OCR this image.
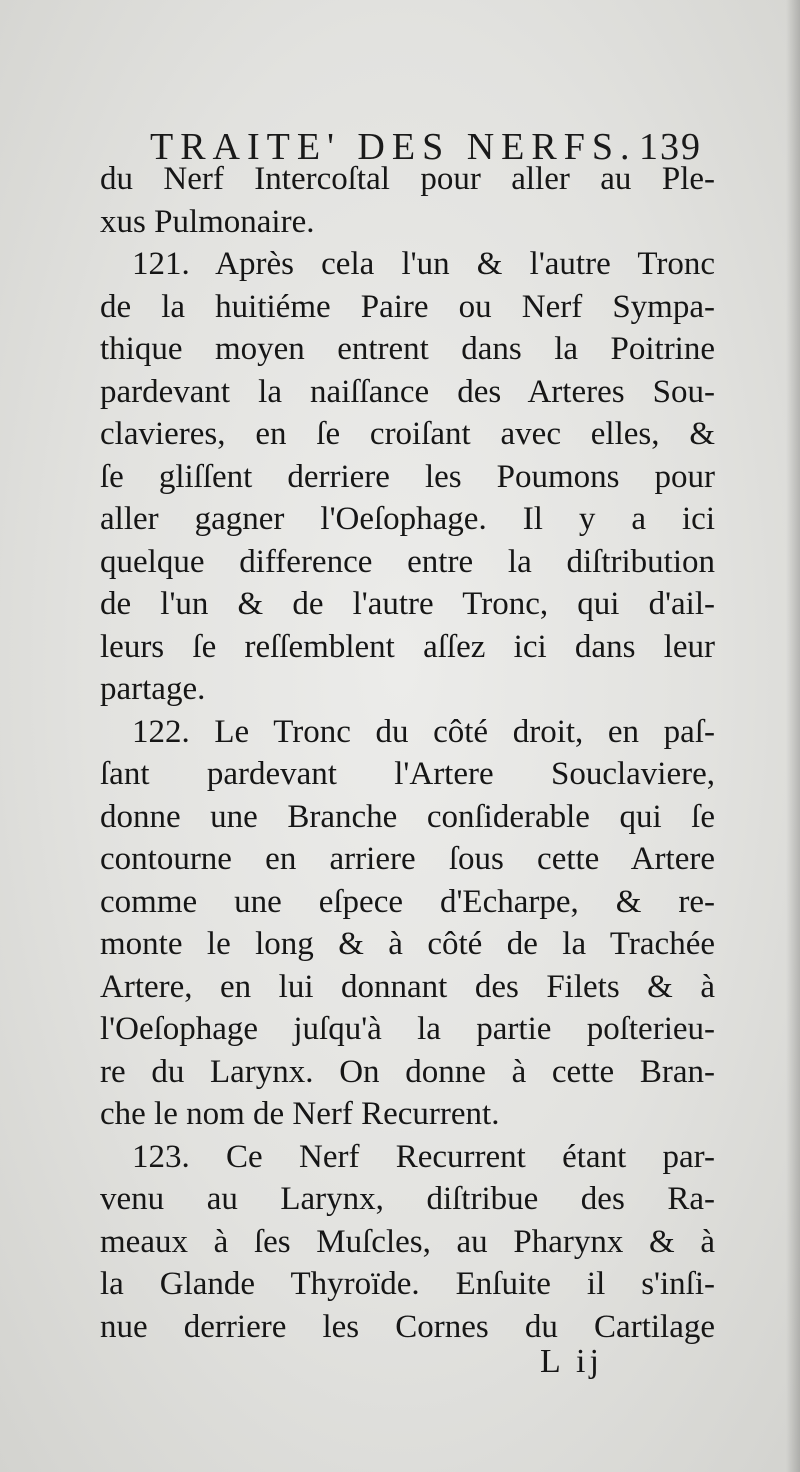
TRAITE' DES NERFS. 139
du Nerf Intercoſtal pour aller au Ple-
xus Pulmonaire.
121. Après cela l'un & l'autre Tronc
de la huitiéme Paire ou Nerf Sympa-
thique moyen entrent dans la Poitrine
pardevant la naiſſance des Arteres Sou-
clavieres, en ſe croiſant avec elles, &
ſe gliſſent derriere les Poumons pour
aller gagner l'Oeſophage. Il y a ici
quelque difference entre la diſtribution
de l'un & de l'autre Tronc, qui d'ail-
leurs ſe reſſemblent aſſez ici dans leur
partage.
122. Le Tronc du côté droit, en paſ-
ſant pardevant l'Artere Souclaviere,
donne une Branche conſiderable qui ſe
contourne en arriere ſous cette Artere
comme une eſpece d'Echarpe, & re-
monte le long & à côté de la Trachée
Artere, en lui donnant des Filets & à
l'Oeſophage juſqu'à la partie poſterieu-
re du Larynx. On donne à cette Bran-
che le nom de Nerf Recurrent.
123. Ce Nerf Recurrent étant par-
venu au Larynx, diſtribue des Ra-
meaux à ſes Muſcles, au Pharynx & à
la Glande Thyroïde. Enſuite il s'inſi-
nue derriere les Cornes du Cartilage
L ij
